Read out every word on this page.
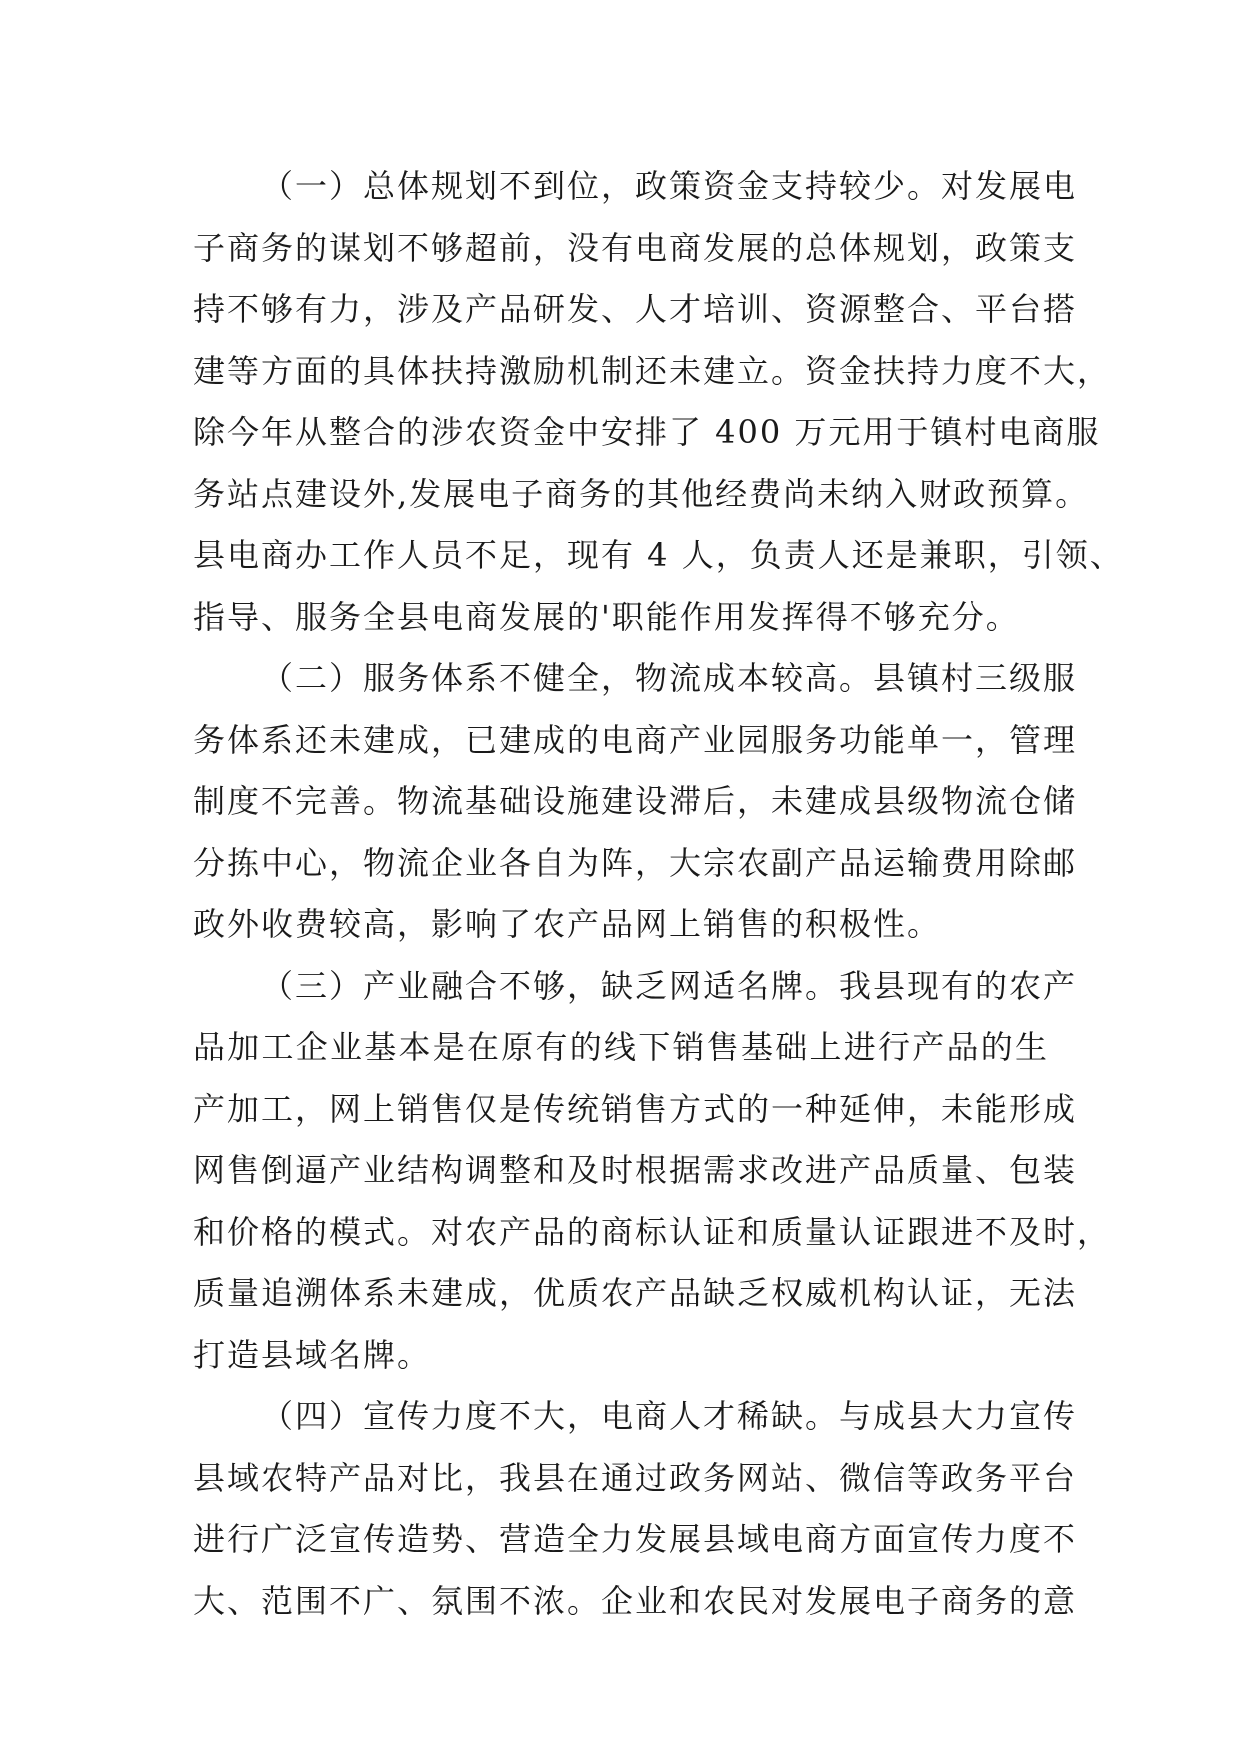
（一）总体规划不到位，政策资金支持较少。对发展电
子商务的谋划不够超前，没有电商发展的总体规划，政策支
持不够有力，涉及产品研发、人才培训、资源整合、平台搭
建等方面的具体扶持激励机制还未建立。资金扶持力度不大，
除今年从整合的涉农资金中安排了 400 万元用于镇村电商服
务站点建设外,发展电子商务的其他经费尚未纳入财政预算。
县电商办工作人员不足，现有 4 人，负责人还是兼职，引领、
指导、服务全县电商发展的'职能作用发挥得不够充分。
（二）服务体系不健全，物流成本较高。县镇村三级服
务体系还未建成，已建成的电商产业园服务功能单一，管理
制度不完善。物流基础设施建设滞后，未建成县级物流仓储
分拣中心，物流企业各自为阵，大宗农副产品运输费用除邮
政外收费较高，影响了农产品网上销售的积极性。
（三）产业融合不够，缺乏网适名牌。我县现有的农产
品加工企业基本是在原有的线下销售基础上进行产品的生
产加工，网上销售仅是传统销售方式的一种延伸，未能形成
网售倒逼产业结构调整和及时根据需求改进产品质量、包装
和价格的模式。对农产品的商标认证和质量认证跟进不及时，
质量追溯体系未建成，优质农产品缺乏权威机构认证，无法
打造县域名牌。
（四）宣传力度不大，电商人才稀缺。与成县大力宣传
县域农特产品对比，我县在通过政务网站、微信等政务平台
进行广泛宣传造势、营造全力发展县域电商方面宣传力度不
大、范围不广、氛围不浓。企业和农民对发展电子商务的意
